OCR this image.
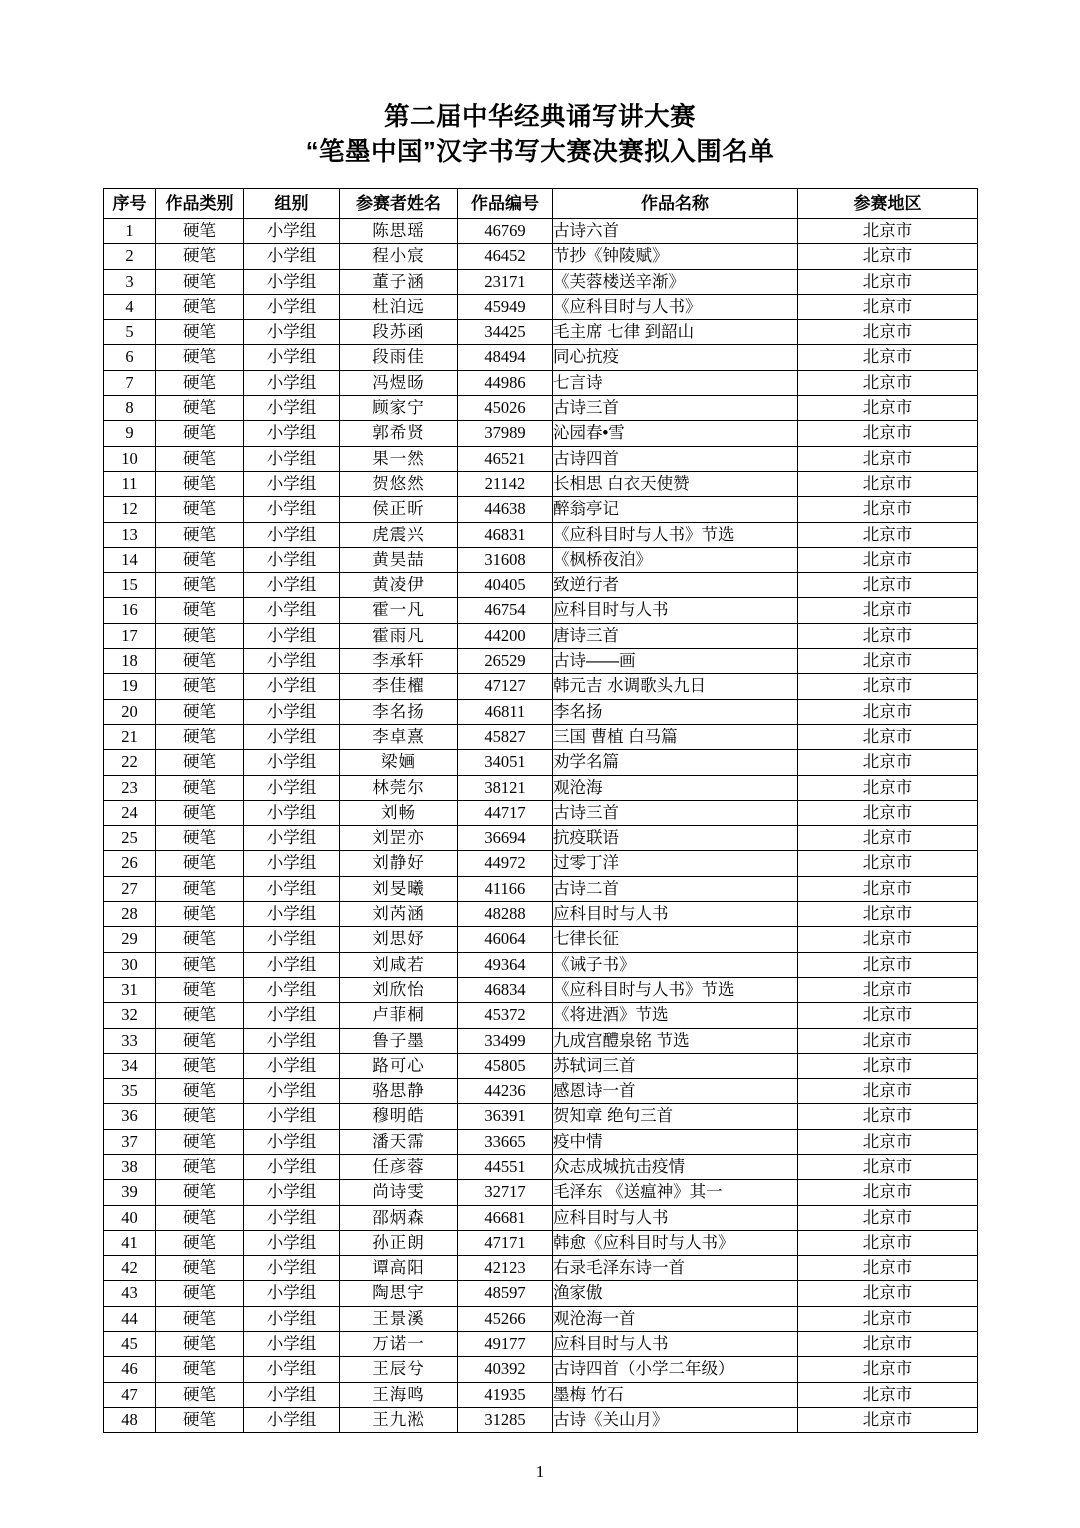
第二届中华经典诵写讲大赛
“笔墨中国”汉字书写大赛决赛拟入围名单
序号	作品类别	组别	参赛者姓名	作品编号	作品名称	参赛地区
1	硬笔	小学组	陈思瑶	46769	古诗六首	北京市
2	硬笔	小学组	程小宸	46452	节抄《钟陵赋》	北京市
3	硬笔	小学组	董子涵	23171	《芙蓉楼送辛渐》	北京市
4	硬笔	小学组	杜泊远	45949	《应科目时与人书》	北京市
5	硬笔	小学组	段苏函	34425	毛主席 七律 到韶山	北京市
6	硬笔	小学组	段雨佳	48494	同心抗疫	北京市
7	硬笔	小学组	冯煜旸	44986	七言诗	北京市
8	硬笔	小学组	顾家宁	45026	古诗三首	北京市
9	硬笔	小学组	郭希贤	37989	沁园春•雪	北京市
10	硬笔	小学组	果一然	46521	古诗四首	北京市
11	硬笔	小学组	贺悠然	21142	长相思 白衣天使赞	北京市
12	硬笔	小学组	侯正昕	44638	醉翁亭记	北京市
13	硬笔	小学组	虎震兴	46831	《应科目时与人书》节选	北京市
14	硬笔	小学组	黄昊喆	31608	《枫桥夜泊》	北京市
15	硬笔	小学组	黄凌伊	40405	致逆行者	北京市
16	硬笔	小学组	霍一凡	46754	应科目时与人书	北京市
17	硬笔	小学组	霍雨凡	44200	唐诗三首	北京市
18	硬笔	小学组	李承轩	26529	古诗——画	北京市
19	硬笔	小学组	李佳櫂	47127	韩元吉 水调歌头九日	北京市
20	硬笔	小学组	李名扬	46811	李名扬	北京市
21	硬笔	小学组	李卓熹	45827	三国 曹植 白马篇	北京市
22	硬笔	小学组	梁婳	34051	劝学名篇	北京市
23	硬笔	小学组	林莞尔	38121	观沧海	北京市
24	硬笔	小学组	刘畅	44717	古诗三首	北京市
25	硬笔	小学组	刘罡亦	36694	抗疫联语	北京市
26	硬笔	小学组	刘静好	44972	过零丁洋	北京市
27	硬笔	小学组	刘旻曦	41166	古诗二首	北京市
28	硬笔	小学组	刘芮涵	48288	应科目时与人书	北京市
29	硬笔	小学组	刘思妤	46064	七律长征	北京市
30	硬笔	小学组	刘咸若	49364	《诫子书》	北京市
31	硬笔	小学组	刘欣怡	46834	《应科目时与人书》节选	北京市
32	硬笔	小学组	卢菲桐	45372	《将进酒》节选	北京市
33	硬笔	小学组	鲁子墨	33499	九成宫醴泉铭 节选	北京市
34	硬笔	小学组	路可心	45805	苏轼词三首	北京市
35	硬笔	小学组	骆思静	44236	感恩诗一首	北京市
36	硬笔	小学组	穆明皓	36391	贺知章 绝句三首	北京市
37	硬笔	小学组	潘天霈	33665	疫中情	北京市
38	硬笔	小学组	任彦蓉	44551	众志成城抗击疫情	北京市
39	硬笔	小学组	尚诗雯	32717	毛泽东 《送瘟神》其一	北京市
40	硬笔	小学组	邵炳森	46681	应科目时与人书	北京市
41	硬笔	小学组	孙正朗	47171	韩愈《应科目时与人书》	北京市
42	硬笔	小学组	谭高阳	42123	右录毛泽东诗一首	北京市
43	硬笔	小学组	陶思宇	48597	渔家傲	北京市
44	硬笔	小学组	王景溪	45266	观沧海一首	北京市
45	硬笔	小学组	万诺一	49177	应科目时与人书	北京市
46	硬笔	小学组	王辰兮	40392	古诗四首（小学二年级）	北京市
47	硬笔	小学组	王海鸣	41935	墨梅 竹石	北京市
48	硬笔	小学组	王九淞	31285	古诗《关山月》	北京市
1
